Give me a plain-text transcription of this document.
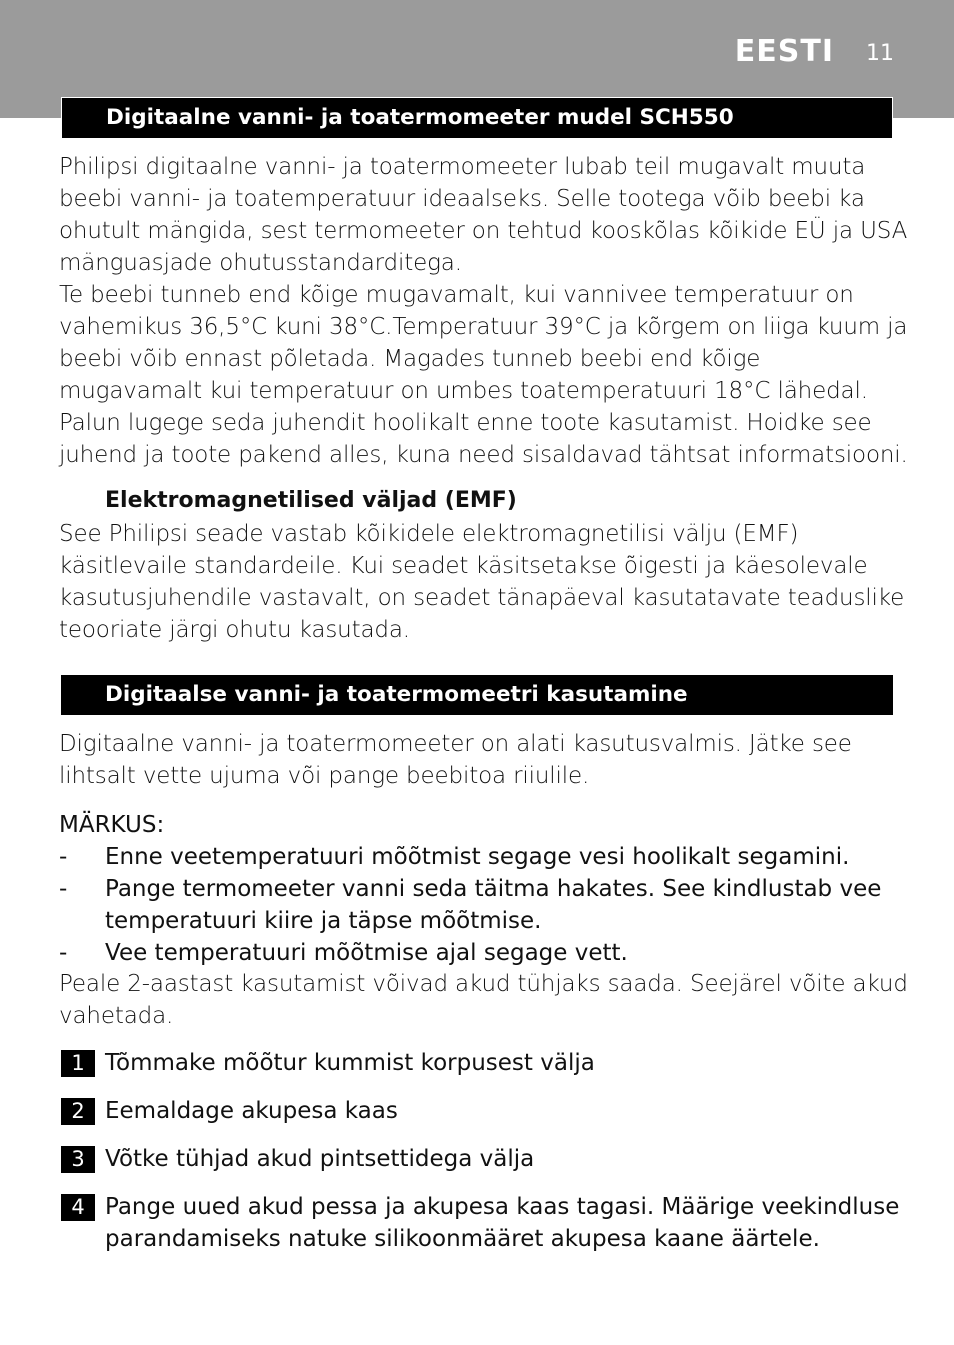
EESTI 11
Digitaalne vanni- ja toatermomeeter mudel SCH550

Philipsi digitaalne vanni- ja toatermomeeter lubab teil mugavalt muuta beebi vanni- ja toatemperatuur ideaalseks. Selle tootega võib beebi ka ohutult mängida, sest termomeeter on tehtud kooskõlas kõikide EÜ ja USA mänguasjade ohutusstandarditega.
Te beebi tunneb end kõige mugavamalt, kui vannivee temperatuur on vahemikus 36,5°C kuni 38°C.Temperatuur 39°C ja kõrgem on liiga kuum ja beebi võib ennast põletada. Magades tunneb beebi end kõige mugavamalt kui temperatuur on umbes toatemperatuuri 18°C lähedal. Palun lugege seda juhendit hoolikalt enne toote kasutamist. Hoidke see juhend ja toote pakend alles, kuna need sisaldavad tähtsat informatsiooni.

Elektromagnetilised väljad (EMF)

See Philipsi seade vastab kõikidele elektromagnetilisi välju (EMF) käsitlevaile standardeile. Kui seadet käsitsetakse õigesti ja käesolevale kasutusjuhendile vastavalt, on seadet tänapäeval kasutatavate teaduslike teooriate järgi ohutu kasutada.

Digitaalse vanni- ja toatermomeetri kasutamine

Digitaalne vanni- ja toatermomeeter on alati kasutusvalmis. Jätke see lihtsalt vette ujuma või pange beebitoa riiulile.

MÄRKUS:

- Enne veetemperatuuri mõõtmist segage vesi hoolikalt segamini.
- Pange termomeeter vanni seda täitma hakates. See kindlustab vee temperatuuri kiire ja täpse mõõtmise.
- Vee temperatuuri mõõtmise ajal segage vett.

Peale 2-aastast kasutamist võivad akud tühjaks saada. Seejärel võite akud vahetada.

1 Tõmmake mõõtur kummist korpusest välja
2 Eemaldage akupesa kaas
3 Võtke tühjad akud pintsettidega välja
4 Pange uued akud pessa ja akupesa kaas tagasi. Määrige veekindluse parandamiseks natuke silikoonmääret akupesa kaane äärtele.
